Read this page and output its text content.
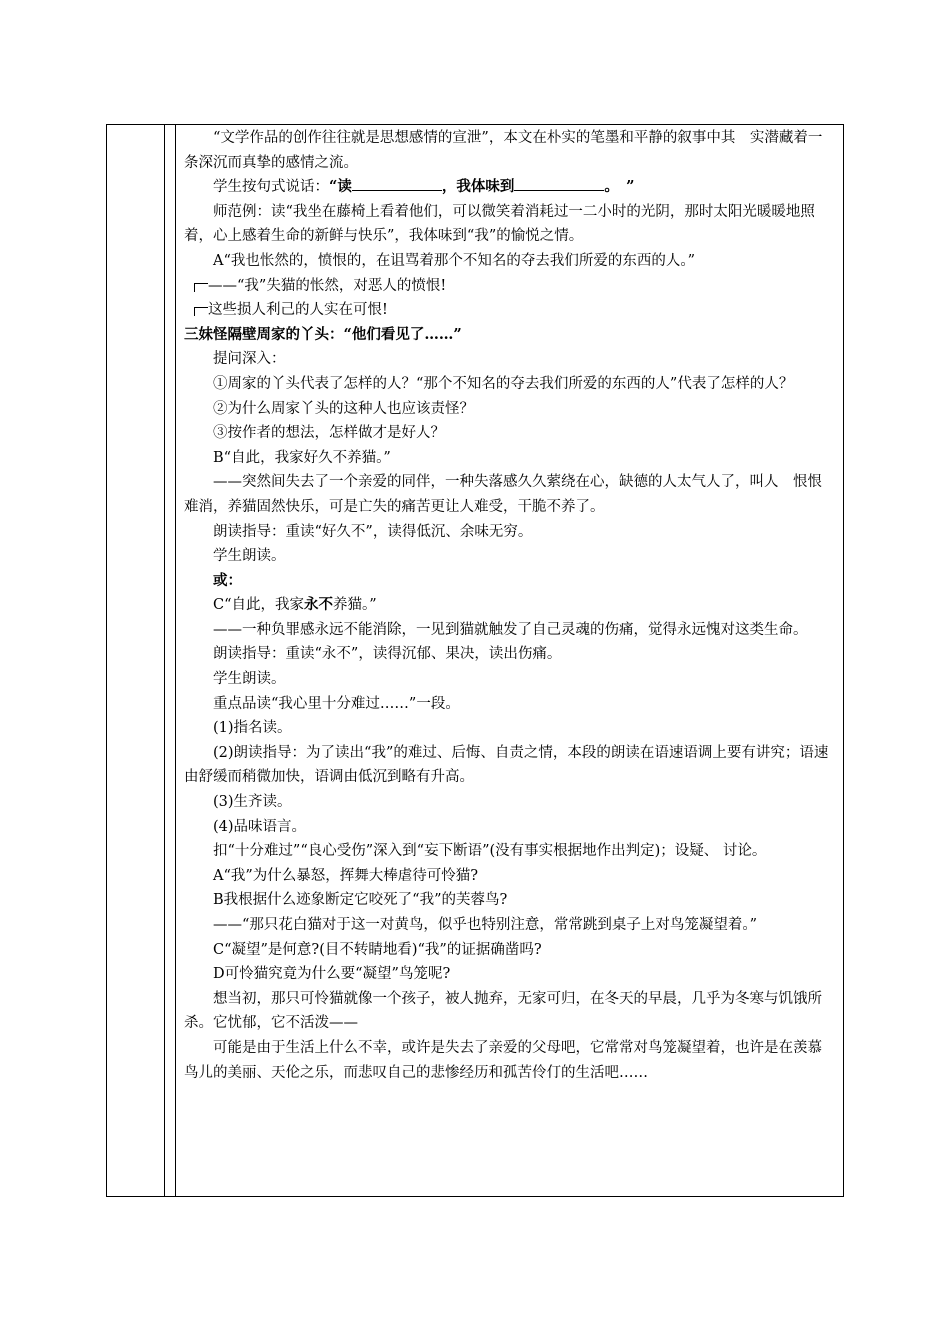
“文学作品的创作往往就是思想感情的宣泄”，本文在朴实的笔墨和平静的叙事中其　实潜藏着一条深沉而真挚的感情之流。

学生按句式说话：“读	，我体味到	。　”

师范例：读“我坐在藤椅上看着他们，可以微笑着消耗过一二小时的光阴，那时太阳光暖暖地照着，心上感着生命的新鲜与快乐”，我体味到“我”的愉悦之情。

A“我也怅然的，愤恨的，在诅骂着那个不知名的夺去我们所爱的东西的人。”

——“我”失猫的怅然，对恶人的愤恨!

这些损人利己的人实在可恨!

三妹怪隔壁周家的丫头：“他们看见了……”

提问深入：

①周家的丫头代表了怎样的人？“那个不知名的夺去我们所爱的东西的人”代表了怎样的人？

②为什么周家丫头的这种人也应该责怪？

③按作者的想法，怎样做才是好人？

B“自此，我家好久不养猫。”

——突然间失去了一个亲爱的同伴，一种失落感久久萦绕在心，缺德的人太气人了，叫人　恨恨难消，养猫固然快乐，可是亡失的痛苦更让人难受，干脆不养了。

朗读指导：重读“好久不”，读得低沉、余味无穷。

学生朗读。

或：

C“自此，我家永不养猫。”

——一种负罪感永远不能消除，一见到猫就触发了自己灵魂的伤痛，觉得永远愧对这类生命。

朗读指导：重读“永不”，读得沉郁、果决，读出伤痛。

学生朗读。

重点品读“我心里十分难过……”一段。

(1)指名读。

(2)朗读指导：为了读出“我”的难过、后悔、自责之情，本段的朗读在语速语调上要有讲究；语速由舒缓而稍微加快，语调由低沉到略有升高。

(3)生齐读。

(4)品味语言。

扣“十分难过”“良心受伤”深入到“妄下断语”(没有事实根据地作出判定)；设疑、 讨论。

A“我”为什么暴怒，挥舞大棒虐待可怜猫?

B我根据什么迹象断定它咬死了“我”的芙蓉鸟?

——“那只花白猫对于这一对黄鸟，似乎也特别注意，常常跳到桌子上对鸟笼凝望着。”

C“凝望”是何意?(目不转睛地看)“我”的证据确凿吗?

D可怜猫究竟为什么要“凝望”鸟笼呢?

想当初，那只可怜猫就像一个孩子，被人抛弃，无家可归，在冬天的早晨，几乎为冬寒与饥饿所杀。它忧郁，它不活泼——

可能是由于生活上什么不幸，或许是失去了亲爱的父母吧，它常常对鸟笼凝望着，也许是在羡慕鸟儿的美丽、天伦之乐，而悲叹自己的悲惨经历和孤苦伶仃的生活吧……
